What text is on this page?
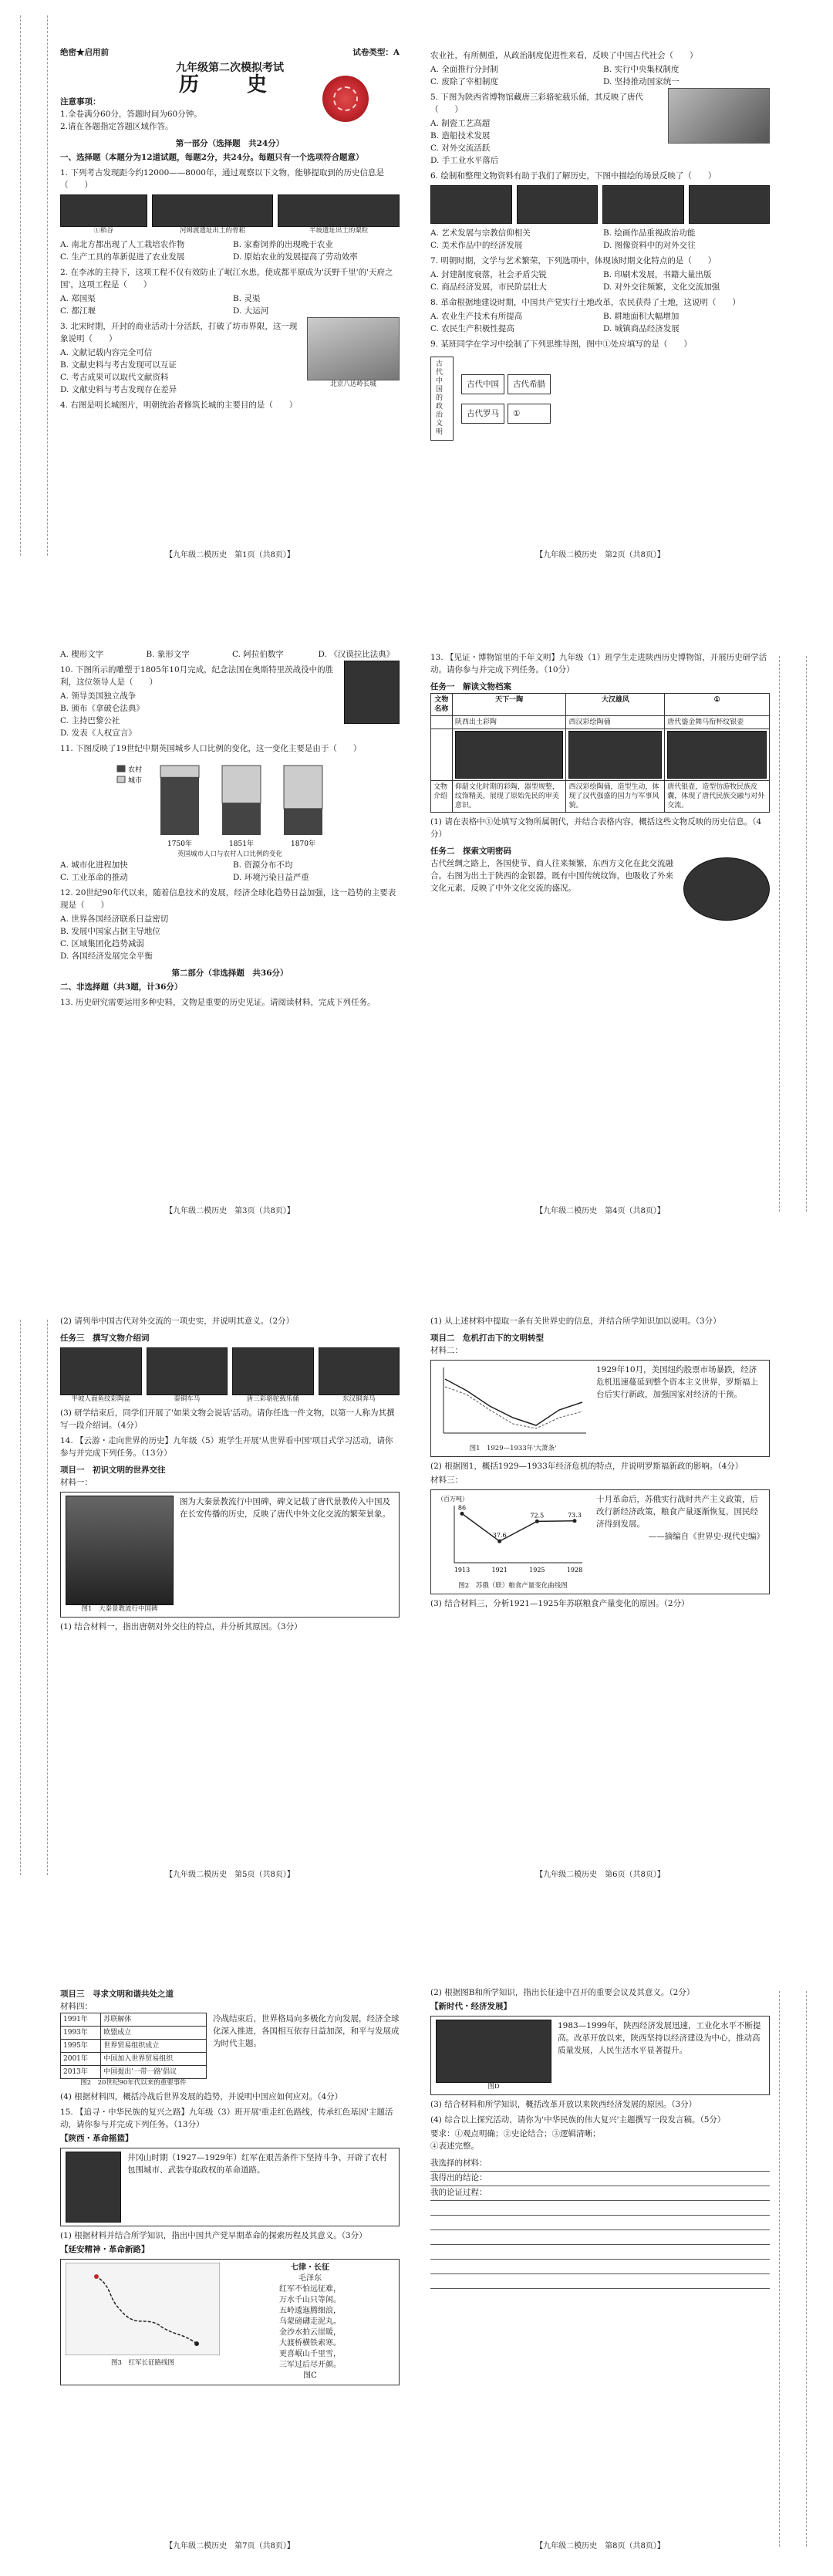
绝密★启用前	试卷类型：A
九年级第二次模拟考试
历　史
注意事项：
1.全卷满分60分，答题时间为60分钟。
2.请在各题指定答题区域作答。
第一部分（选择题　共24分）
一、选择题（本题分为12道试题，每题2分，共24分。每题只有一个选项符合题意）
1. 下列考古发现距今约12000——8000年，通过观察以下文物，能够提取到的历史信息是（　　）
①稻谷	河姆渡遗址出土的骨耜	半坡遗址出土的粟粒
A. 南北方都出现了人工栽培农作物	B. 家畜饲养的出现晚于农业
C. 生产工具的革新促进了农业发展	D. 原始农业的发展提高了劳动效率
2. 在李冰的主持下，这项工程不仅有效防止了岷江水患，使成都平原成为'沃野千里'的'天府之国'，这项工程是（　　）
A. 郑国渠	B. 灵渠
C. 都江堰	D. 大运河
3. 北宋时期，开封的商业活动十分活跃，打破了坊市界限，这一现象说明（　　）
A. 文献记载内容完全可信
B. 文献史料与考古发现可以互证
C. 考古成果可以取代文献资料
D. 文献史料与考古发现存在差异
4. 右图是明长城图片，明朝统治者修筑长城的主要目的是（　　）
北京八达岭长城
【九年级二模历史　第1页（共8页）】
农业社，有所侧重，从政治制度促进性来看，反映了中国古代社会（　　）
A. 全面推行分封制	B. 实行中央集权制度
C. 废除了宰相制度	D. 坚持推动国家统一
5. 下图为陕西省博物馆藏唐三彩骆驼载乐俑，其反映了唐代（　　）
A. 制瓷工艺高超
B. 造船技术发展
C. 对外交流活跃
D. 手工业水平落后
6. 绘制和整理文物资料有助于我们了解历史，下图中描绘的场景反映了（　　）
A. 艺术发展与宗教信仰相关	B. 绘画作品重视政治功能
C. 美术作品中的经济发展	D. 图像资料中的对外交往
7. 明朝时期，文学与艺术繁荣，下列选项中，体现该时期文化特点的是（　　）
A. 封建制度衰落，社会矛盾尖锐	B. 印刷术发展，书籍大量出版
C. 商品经济发展，市民阶层壮大	D. 对外交往频繁，文化交流加强
8. 革命根据地建设时期，中国共产党实行土地改革，农民获得了土地，这说明（　　）
A. 农业生产技术有所提高	B. 耕地面积大幅增加
C. 农民生产积极性提高	D. 城镇商品经济发展
9. 某班同学在学习中绘制了下列思维导图，图中①处应填写的是（　　）
古代中国的政治文明
古代中国	古代希腊
古代罗马	①
【九年级二模历史　第2页（共8页）】
A. 楔形文字	B. 象形文字	C. 阿拉伯数字	D. 《汉谟拉比法典》
10. 下图所示的雕塑于1805年10月完成，纪念法国在奥斯特里茨战役中的胜利，这位领导人是（　　）
A. 领导美国独立战争
B. 颁布《拿破仑法典》
C. 主持巴黎公社
D. 发表《人权宣言》
11. 下图反映了19世纪中期英国城乡人口比例的变化，这一变化主要是由于（　　）
1750年	1851年	1870年
农村
城市
英国城市人口与农村人口比例的变化
A. 城市化进程加快	B. 资源分布不均
C. 工业革命的推动	D. 环境污染日益严重
12. 20世纪90年代以来，随着信息技术的发展，经济全球化趋势日益加强，这一趋势的主要表现是（　　）
A. 世界各国经济联系日益密切
B. 发展中国家占据主导地位
C. 区域集团化趋势减弱
D. 各国经济发展完全平衡
第二部分（非选择题　共36分）
二、非选择题（共3题，计36分）
13. 历史研究需要运用多种史料，文物是重要的历史见证。请阅读材料，完成下列任务。
【九年级二模历史　第3页（共8页）】
13. 【见证・博物馆里的千年文明】九年级（1）班学生走进陕西历史博物馆，开展历史研学活动。请你参与并完成下列任务。（10分）
任务一　解读文物档案
文物名称	天下一陶	大汉雄风	①
	陕西出土彩陶	西汉彩绘陶俑	唐代鎏金舞马衔杯纹银壶

文物介绍	仰韶文化时期的彩陶，器型规整，纹饰精美，展现了原始先民的审美意识。	西汉彩绘陶俑，造型生动，体现了汉代强盛的国力与军事风貌。	唐代银壶，造型仿游牧民族皮囊，体现了唐代民族交融与对外交流。
(1) 请在表格中①处填写文物所属朝代，并结合表格内容，概括这些文物反映的历史信息。（4分）
任务二　探索文明密码
古代丝绸之路上，各国使节、商人往来频繁，东西方文化在此交流融合。右图为出土于陕西的金银器，既有中国传统纹饰，也吸收了外来文化元素，反映了中外文化交流的盛况。
【九年级二模历史　第4页（共8页）】
(2) 请列举中国古代对外交流的一项史实，并说明其意义。（2分）
任务三　撰写文物介绍词
半坡人面鱼纹彩陶盆	秦铜车马	唐三彩骆驼载乐俑	东汉铜奔马
(3) 研学结束后，同学们开展了'如果文物会说话'活动。请你任选一件文物，以第一人称为其撰写一段介绍词。（4分）
14. 【云游・走向世界的历史】九年级（5）班学生开展'从世界看中国'项目式学习活动，请你参与并完成下列任务。（13分）
项目一　初识文明的世界交往
材料一：
图1　大秦景教流行中国碑
图为大秦景教流行中国碑，碑文记载了唐代景教传入中国及在长安传播的历史，反映了唐代中外文化交流的繁荣景象。
(1) 结合材料一，指出唐朝对外交往的特点，并分析其原因。（3分）
【九年级二模历史　第5页（共8页）】
(1) 从上述材料中提取一条有关世界史的信息，并结合所学知识加以说明。（3分）
项目二　危机打击下的文明转型
材料二：
图1　1929—1933年'大萧条'
1929年10月，美国纽约股票市场暴跌，经济危机迅速蔓延到整个资本主义世界，罗斯福上台后实行新政，加强国家对经济的干预。
(2) 根据图1，概括1929—1933年经济危机的特点，并说明罗斯福新政的影响。（4分）
材料三：
（百万吨）
86
1913
37.6
1921
72.5
1925
73.3
1928
图2　苏俄（联）粮食产量变化曲线图
十月革命后，苏俄实行战时共产主义政策，后改行新经济政策，粮食产量逐渐恢复，国民经济得到发展。
——摘编自《世界史·现代史编》
(3) 结合材料三，分析1921—1925年苏联粮食产量变化的原因。（2分）
【九年级二模历史　第6页（共8页）】
项目三　寻求文明和谐共处之道
材料四：
1991年	苏联解体
1993年	欧盟成立
1995年	世界贸易组织成立
2001年	中国加入世界贸易组织
2013年	中国提出'一带一路'倡议
图2　20世纪90年代以来的重要事件
冷战结束后，世界格局向多极化方向发展，经济全球化深入推进，各国相互依存日益加深，和平与发展成为时代主题。
(4) 根据材料四，概括冷战后世界发展的趋势，并说明中国应如何应对。（4分）
15. 【追寻・中华民族的复兴之路】九年级（3）班开展'重走红色路线，传承红色基因'主题活动，请你参与并完成下列任务。（13分）
【陕西・革命摇篮】
井冈山时期（1927—1929年）红军在艰苦条件下坚持斗争，开辟了农村包围城市、武装夺取政权的革命道路。
(1) 根据材料并结合所学知识，指出中国共产党早期革命的探索历程及其意义。（3分）
【延安精神・革命新路】
图3　红军长征路线图
七律・长征
毛泽东
红军不怕远征难，
万水千山只等闲。
五岭逶迤腾细浪，
乌蒙磅礴走泥丸。
金沙水拍云崖暖，
大渡桥横铁索寒。
更喜岷山千里雪，
三军过后尽开颜。
图C
【九年级二模历史　第7页（共8页）】
(2) 根据图B和所学知识，指出长征途中召开的重要会议及其意义。（2分）
【新时代・经济发展】
图D
1983—1999年，陕西经济发展迅速，工业化水平不断提高。改革开放以来，陕西坚持以经济建设为中心，推动高质量发展，人民生活水平显著提升。
(3) 结合材料和所学知识，概括改革开放以来陕西经济发展的原因。（3分）
(4) 综合以上探究活动，请你为'中华民族的伟大复兴'主题撰写一段发言稿。（5分）
要求：①观点明确；②史论结合；③逻辑清晰；
④表述完整。
我选择的材料：
我得出的结论：
我的论证过程：
【九年级二模历史　第8页（共8页）】
